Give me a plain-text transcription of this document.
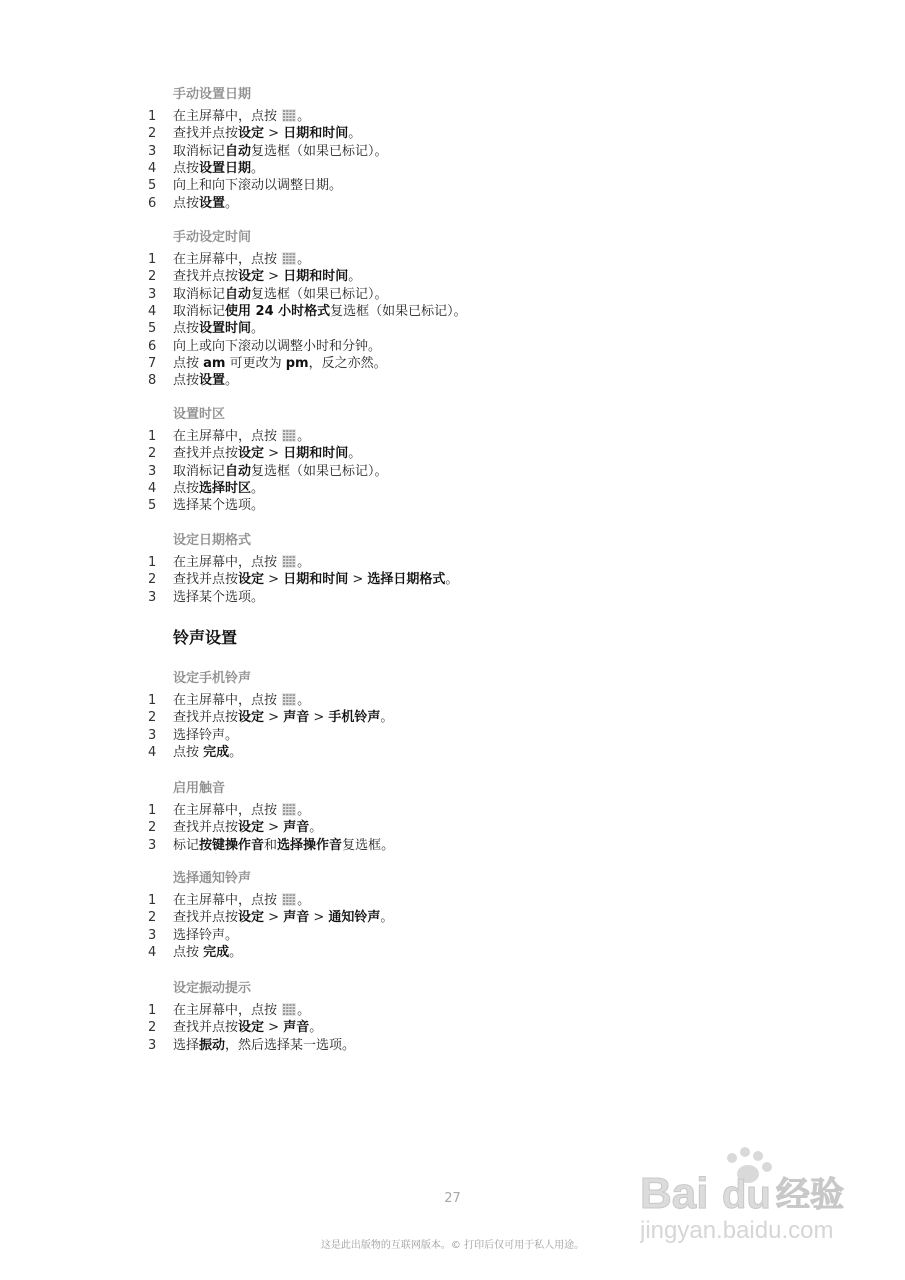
手动设置日期
1	在主屏幕中，点按 。
2	查找并点按设定 > 日期和时间。
3	取消标记自动复选框（如果已标记）。
4	点按设置日期。
5	向上和向下滚动以调整日期。
6	点按设置。
手动设定时间
1	在主屏幕中，点按 。
2	查找并点按设定 > 日期和时间。
3	取消标记自动复选框（如果已标记）。
4	取消标记使用 24 小时格式复选框（如果已标记）。
5	点按设置时间。
6	向上或向下滚动以调整小时和分钟。
7	点按 am 可更改为 pm，反之亦然。
8	点按设置。
设置时区
1	在主屏幕中，点按 。
2	查找并点按设定 > 日期和时间。
3	取消标记自动复选框（如果已标记）。
4	点按选择时区。
5	选择某个选项。
设定日期格式
1	在主屏幕中，点按 。
2	查找并点按设定 > 日期和时间 > 选择日期格式。
3	选择某个选项。
铃声设置
设定手机铃声
1	在主屏幕中，点按 。
2	查找并点按设定 > 声音 > 手机铃声。
3	选择铃声。
4	点按 完成。
启用触音
1	在主屏幕中，点按 。
2	查找并点按设定 > 声音。
3	标记按键操作音和选择操作音复选框。
选择通知铃声
1	在主屏幕中，点按 。
2	查找并点按设定 > 声音 > 通知铃声。
3	选择铃声。
4	点按 完成。
设定振动提示
1	在主屏幕中，点按 。
2	查找并点按设定 > 声音。
3	选择振动，然后选择某一选项。
27
这是此出版物的互联网版本。© 打印后仅可用于私人用途。
Bai du 经验
jingyan.baidu.com
